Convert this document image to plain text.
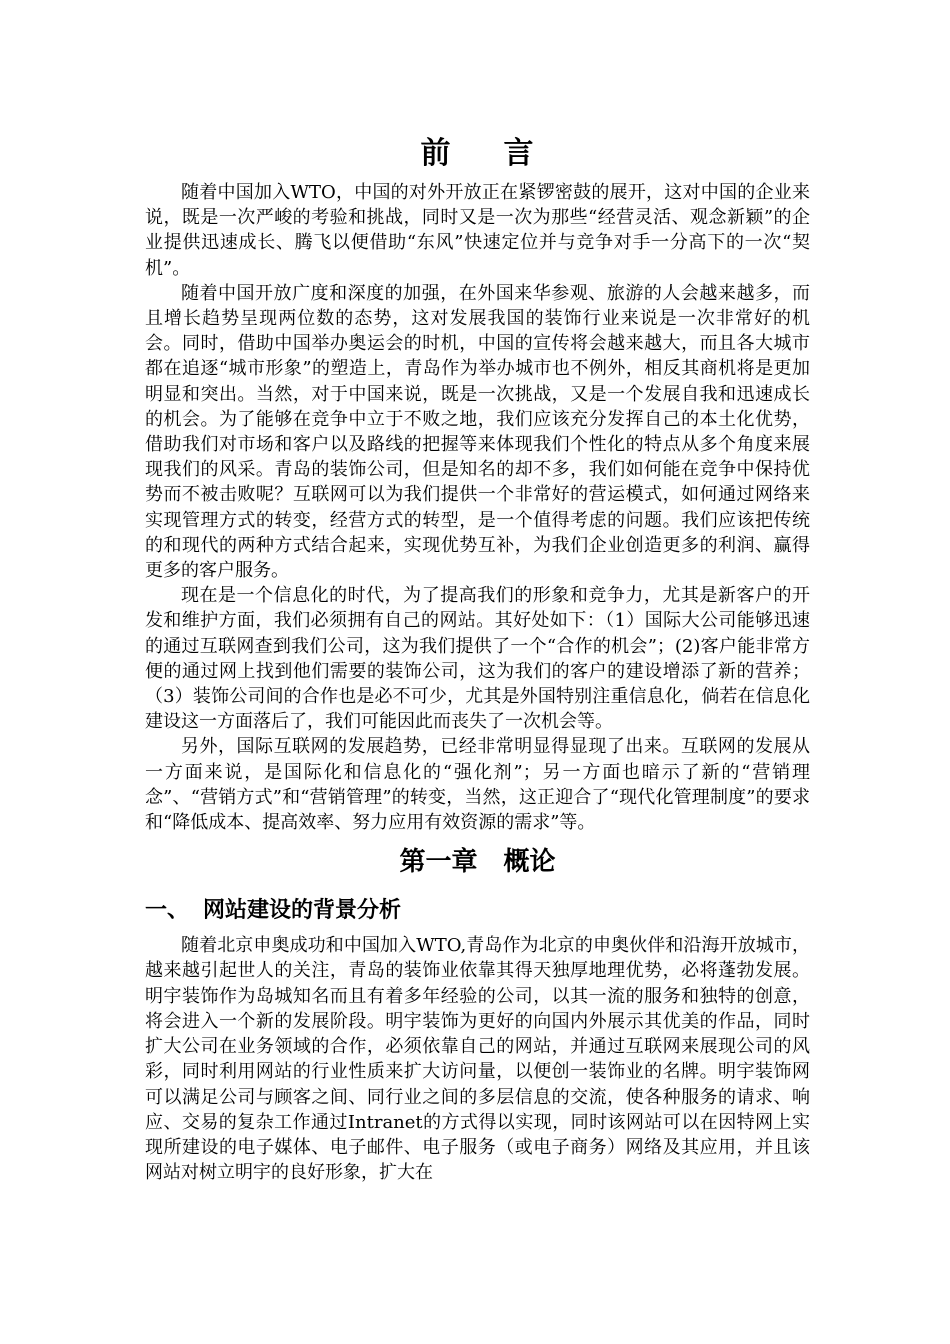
前 言

随着中国加入WTO，中国的对外开放正在紧锣密鼓的展开，这对中国的企业来说，既是一次严峻的考验和挑战，同时又是一次为那些“经营灵活、观念新颖”的企业提供迅速成长、腾飞以便借助“东风”快速定位并与竞争对手一分高下的一次“契机”。

随着中国开放广度和深度的加强，在外国来华参观、旅游的人会越来越多，而且增长趋势呈现两位数的态势，这对发展我国的装饰行业来说是一次非常好的机会。同时，借助中国举办奥运会的时机，中国的宣传将会越来越大，而且各大城市都在追逐“城市形象”的塑造上，青岛作为举办城市也不例外，相反其商机将是更加明显和突出。当然，对于中国来说，既是一次挑战，又是一个发展自我和迅速成长的机会。为了能够在竞争中立于不败之地，我们应该充分发挥自己的本土化优势，借助我们对市场和客户以及路线的把握等来体现我们个性化的特点从多个角度来展现我们的风采。青岛的装饰公司，但是知名的却不多，我们如何能在竞争中保持优势而不被击败呢？互联网可以为我们提供一个非常好的营运模式，如何通过网络来实现管理方式的转变，经营方式的转型，是一个值得考虑的问题。我们应该把传统的和现代的两种方式结合起来，实现优势互补，为我们企业创造更多的利润、赢得更多的客户服务。

现在是一个信息化的时代，为了提高我们的形象和竞争力，尤其是新客户的开发和维护方面，我们必须拥有自己的网站。其好处如下：（1）国际大公司能够迅速的通过互联网查到我们公司，这为我们提供了一个“合作的机会”；(2)客户能非常方便的通过网上找到他们需要的装饰公司，这为我们的客户的建设增添了新的营养；（3）装饰公司间的合作也是必不可少，尤其是外国特别注重信息化，倘若在信息化建设这一方面落后了，我们可能因此而丧失了一次机会等。

另外，国际互联网的发展趋势，已经非常明显得显现了出来。互联网的发展从一方面来说，是国际化和信息化的“强化剂”；另一方面也暗示了新的“营销理念”、“营销方式”和“营销管理”的转变，当然，这正迎合了“现代化管理制度”的要求和“降低成本、提高效率、努力应用有效资源的需求”等。

第一章 概论
一、 网站建设的背景分析

随着北京申奥成功和中国加入WTO,青岛作为北京的申奥伙伴和沿海开放城市，越来越引起世人的关注，青岛的装饰业依靠其得天独厚地理优势，必将蓬勃发展。明宇装饰作为岛城知名而且有着多年经验的公司，以其一流的服务和独特的创意，将会进入一个新的发展阶段。明宇装饰为更好的向国内外展示其优美的作品，同时扩大公司在业务领域的合作，必须依靠自己的网站，并通过互联网来展现公司的风彩，同时利用网站的行业性质来扩大访问量，以便创一装饰业的名牌。明宇装饰网可以满足公司与顾客之间、同行业之间的多层信息的交流，使各种服务的请求、响应、交易的复杂工作通过Intranet的方式得以实现，同时该网站可以在因特网上实现所建设的电子媒体、电子邮件、电子服务（或电子商务）网络及其应用，并且该网站对树立明宇的良好形象，扩大在
